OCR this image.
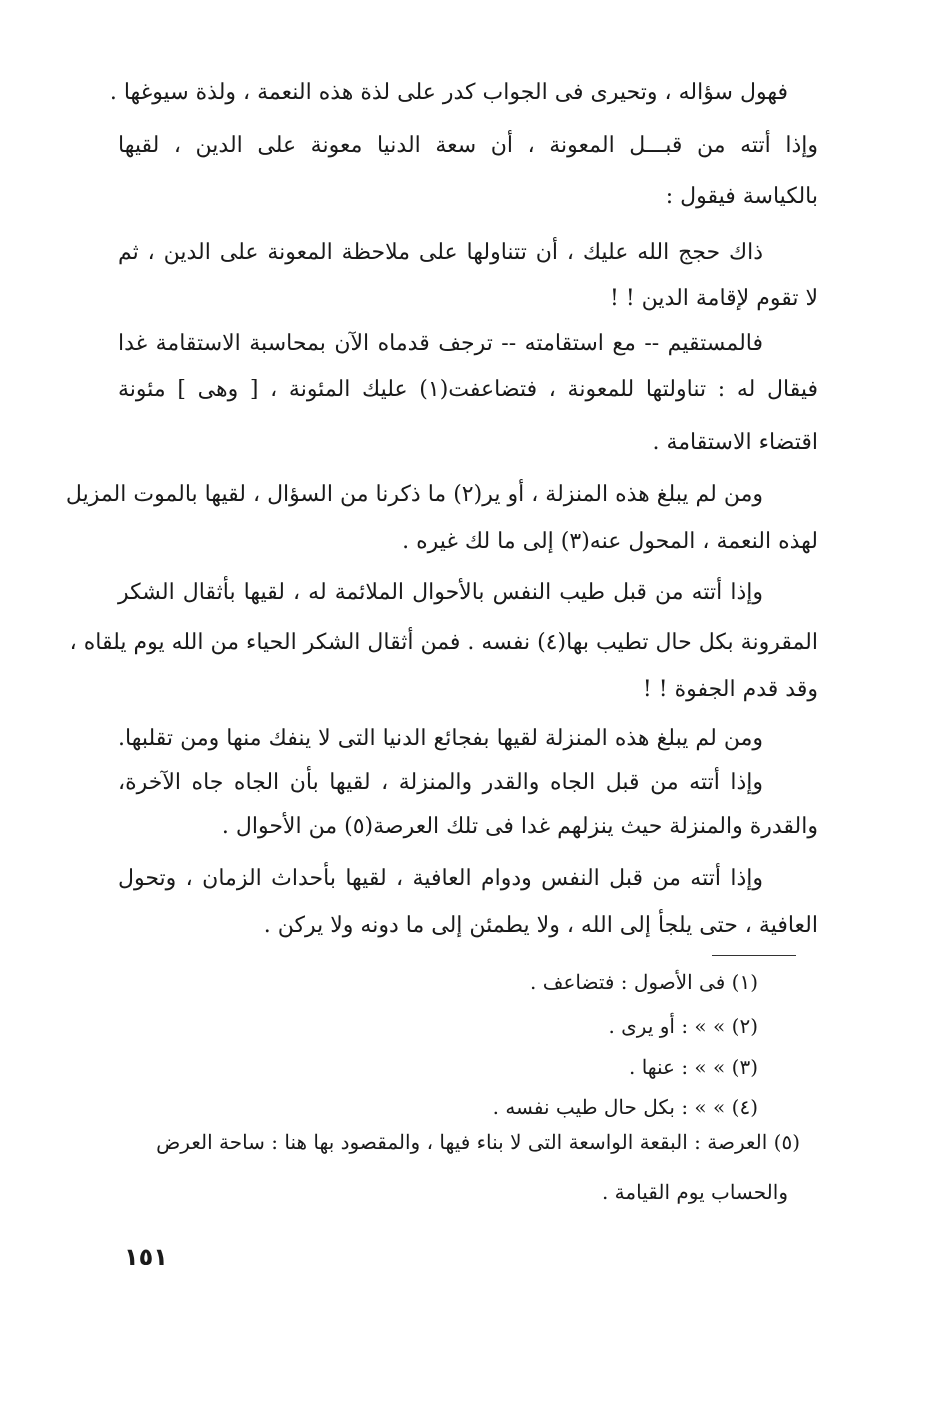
فهول سؤاله ، وتحيرى فى الجواب كدر على لذة هذه النعمة ، ولذة سيوغها .
وإذا أتته من قبـــل المعونة ، أن سعة الدنيا معونة على الدين ، لقيها
بالكياسة فيقول :
ذاك حجج الله عليك ، أن تتناولها على ملاحظة المعونة على الدين ، ثم
لا تقوم لإقامة الدين ! !
فالمستقيم -- مع استقامته -- ترجف قدماه الآن بمحاسبة الاستقامة غدا
فيقال له : تناولتها للمعونة ، فتضاعفت(١) عليك المئونة ، [ وهى ] مئونة
اقتضاء الاستقامة .
ومن لم يبلغ هذه المنزلة ، أو ير(٢) ما ذكرنا من السؤال ، لقيها بالموت المزيل
لهذه النعمة ، المحول عنه(٣) إلى ما لك غيره .
وإذا أتته من قبل طيب النفس بالأحوال الملائمة له ، لقيها بأثقال الشكر
المقرونة بكل حال تطيب بها(٤) نفسه . فمن أثقال الشكر الحياء من الله يوم يلقاه ،
وقد قدم الجفوة ! !
ومن لم يبلغ هذه المنزلة لقيها بفجائع الدنيا التى لا ينفك منها ومن تقلبها.
وإذا أتته من قبل الجاه والقدر والمنزلة ، لقيها بأن الجاه جاه الآخرة،
والقدرة والمنزلة حيث ينزلهم غدا فى تلك العرصة(٥) من الأحوال .
وإذا أتته من قبل النفس ودوام العافية ، لقيها بأحداث الزمان ، وتحول
العافية ، حتى يلجأ إلى الله ، ولا يطمئن إلى ما دونه ولا يركن .
(١) فى الأصول : فتضاعف .
(٢) » » : أو يرى .
(٣) » » : عنها .
(٤) » » : بكل حال طيب نفسه .
(٥) العرصة : البقعة الواسعة التى لا بناء فيها ، والمقصود بها هنا : ساحة العرض
والحساب يوم القيامة .
١٥١
